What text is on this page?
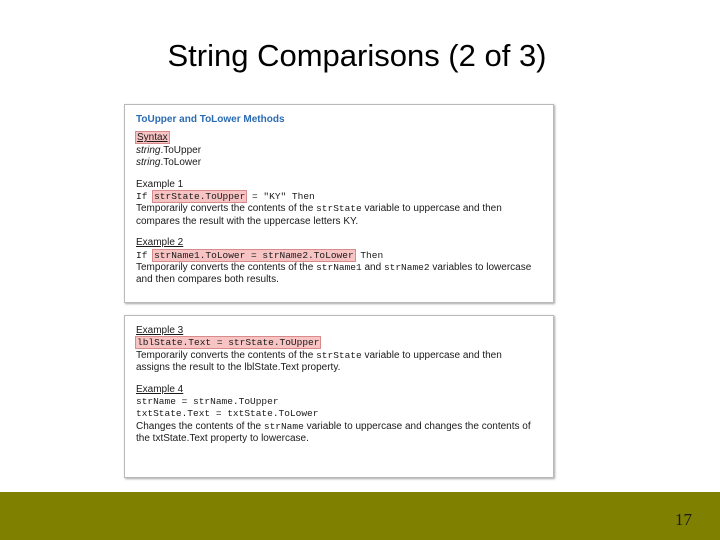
String Comparisons (2 of 3)
ToUpper and ToLower Methods
Syntax
string.ToUpper
string.ToLower
Example 1
If strState.ToUpper = "KY" Then
Temporarily converts the contents of the strState variable to uppercase and then compares the result with the uppercase letters KY.
Example 2
If strName1.ToLower = strName2.ToLower Then
Temporarily converts the contents of the strName1 and strName2 variables to lowercase and then compares both results.
Example 3
lblState.Text = strState.ToUpper
Temporarily converts the contents of the strState variable to uppercase and then assigns the result to the lblState.Text property.
Example 4
strName = strName.ToUpper
txtState.Text = txtState.ToLower
Changes the contents of the strName variable to uppercase and changes the contents of the txtState.Text property to lowercase.
17
